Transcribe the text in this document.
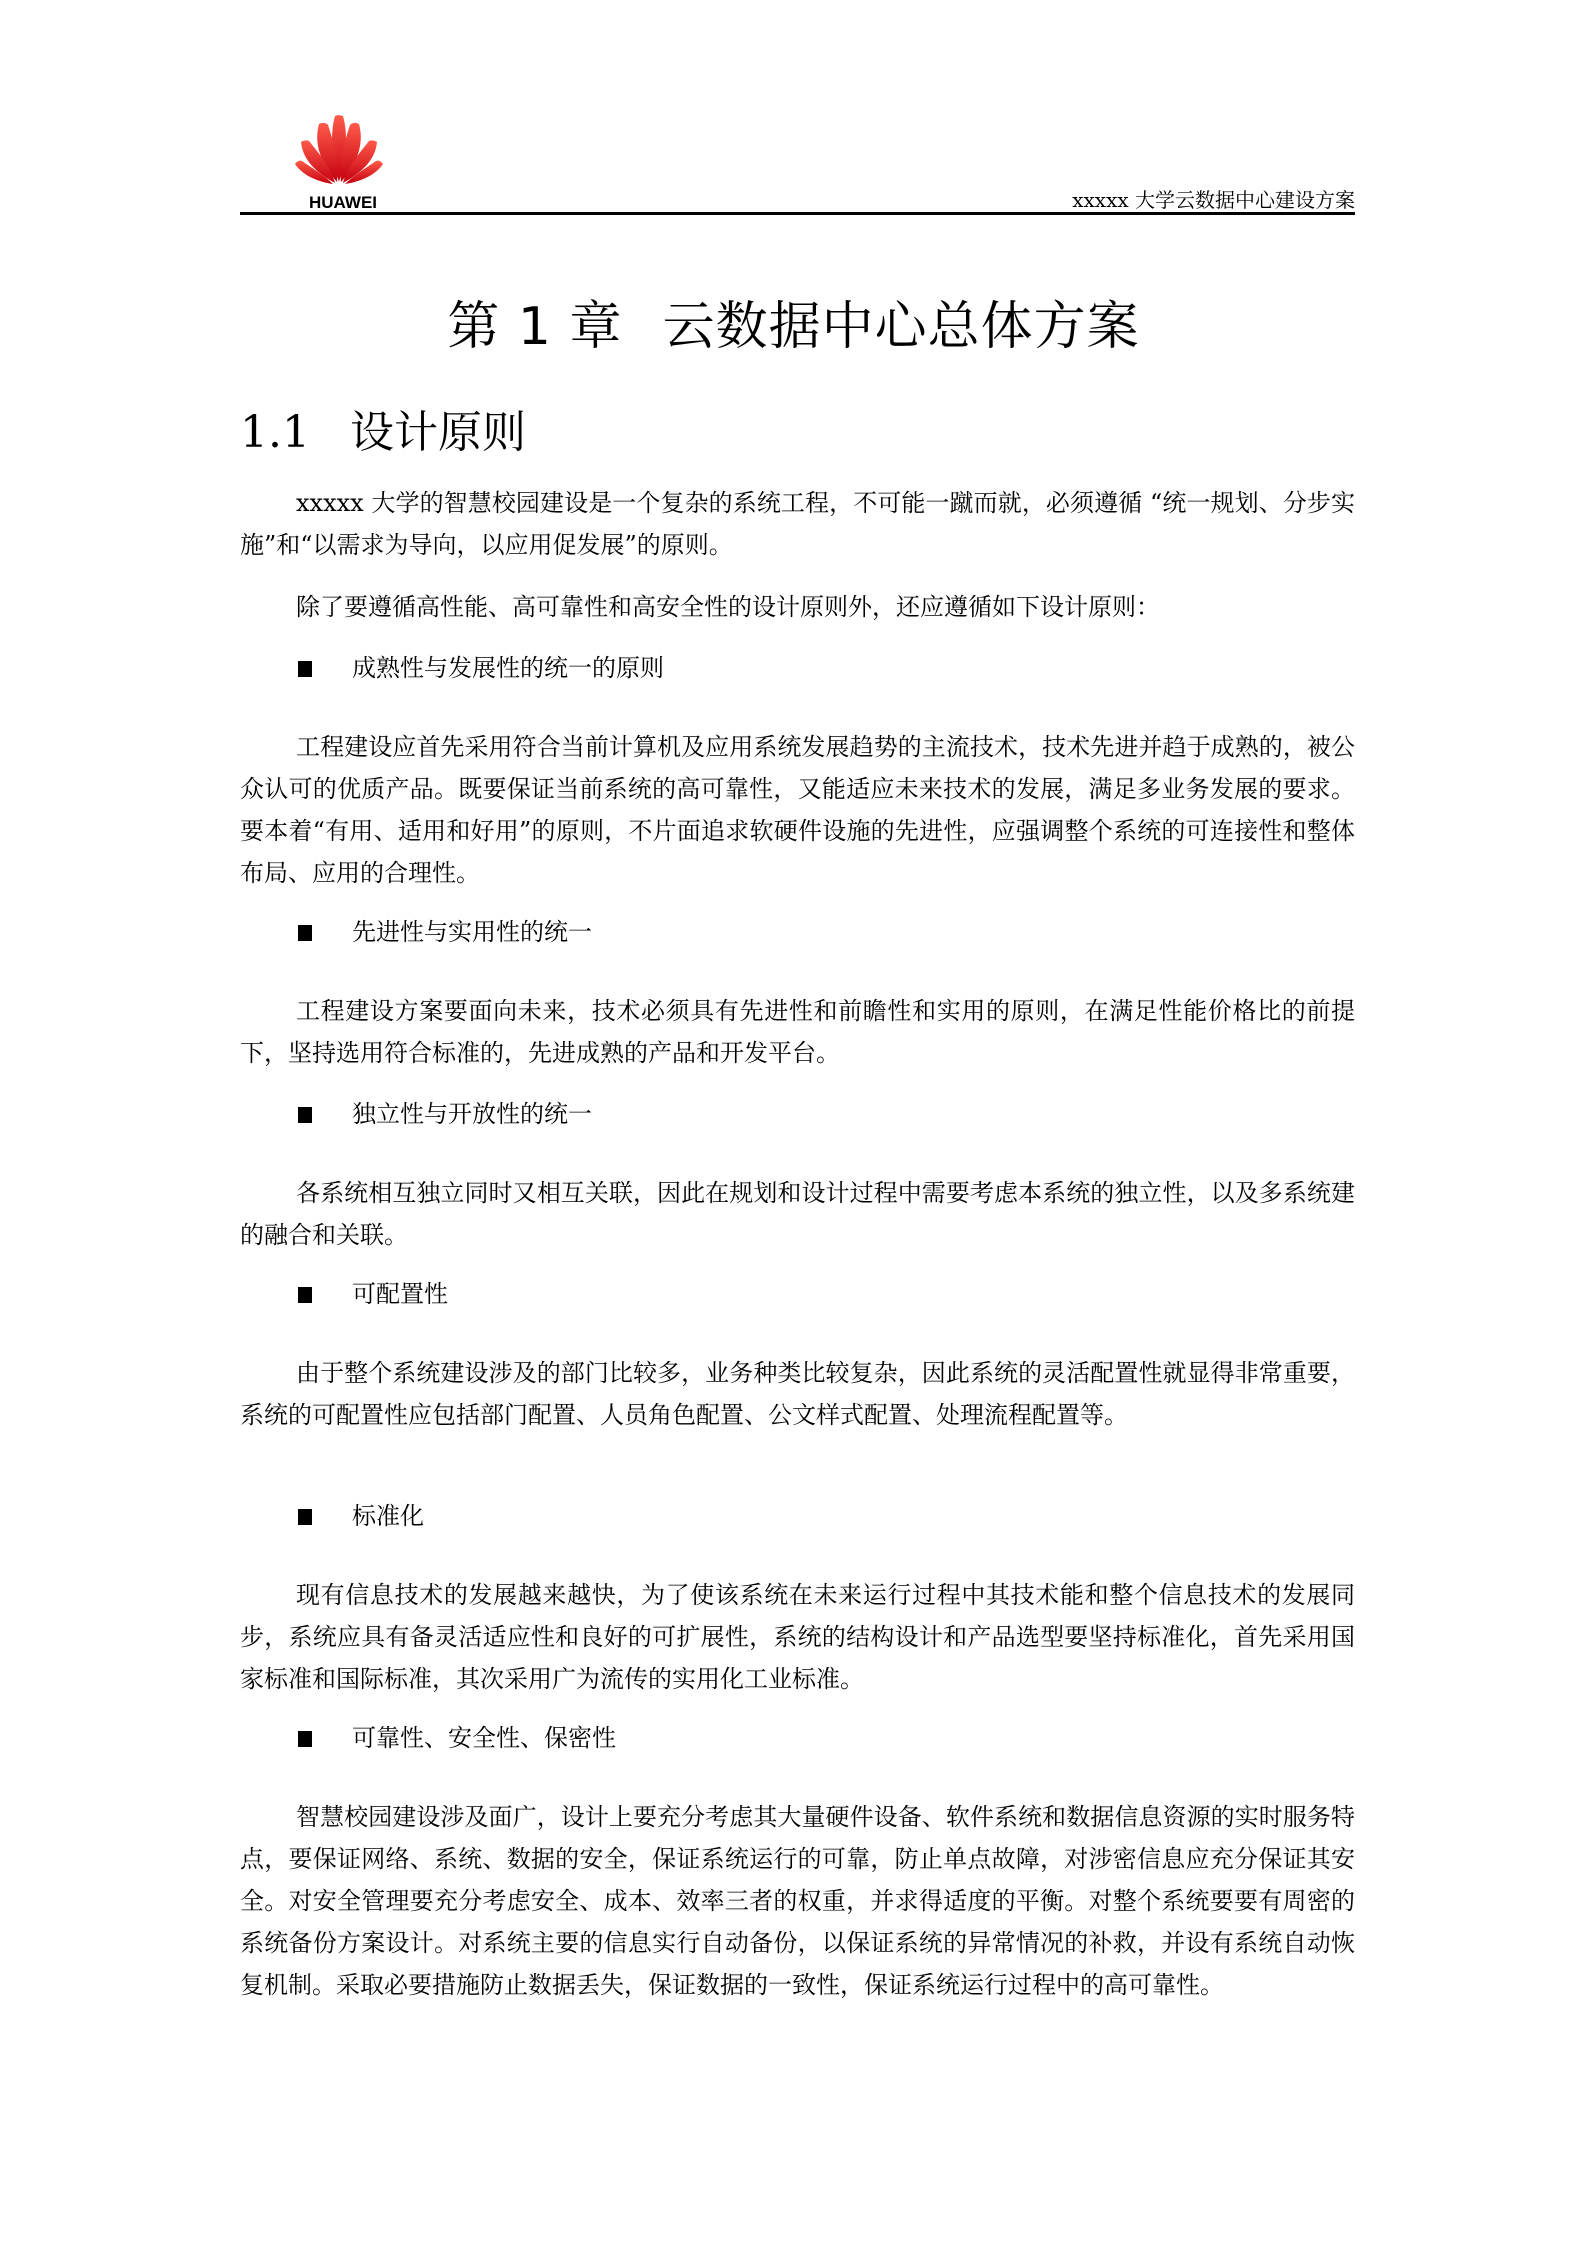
HUAWEI	xxxxx 大学云数据中心建设方案
第 1 章 云数据中心总体方案
1.1 设计原则

xxxxx 大学的智慧校园建设是一个复杂的系统工程，不可能一蹴而就，必须遵循 “统一规划、分步实施”和“以需求为导向，以应用促发展”的原则。

除了要遵循高性能、高可靠性和高安全性的设计原则外，还应遵循如下设计原则：

成熟性与发展性的统一的原则

工程建设应首先采用符合当前计算机及应用系统发展趋势的主流技术，技术先进并趋于成熟的，被公众认可的优质产品。既要保证当前系统的高可靠性，又能适应未来技术的发展，满足多业务发展的要求。要本着“有用、适用和好用”的原则，不片面追求软硬件设施的先进性，应强调整个系统的可连接性和整体布局、应用的合理性。

先进性与实用性的统一

工程建设方案要面向未来，技术必须具有先进性和前瞻性和实用的原则，在满足性能价格比的前提下，坚持选用符合标准的，先进成熟的产品和开发平台。

独立性与开放性的统一

各系统相互独立同时又相互关联，因此在规划和设计过程中需要考虑本系统的独立性，以及多系统建的融合和关联。

可配置性

由于整个系统建设涉及的部门比较多，业务种类比较复杂，因此系统的灵活配置性就显得非常重要，系统的可配置性应包括部门配置、人员角色配置、公文样式配置、处理流程配置等。

标准化

现有信息技术的发展越来越快，为了使该系统在未来运行过程中其技术能和整个信息技术的发展同步，系统应具有备灵活适应性和良好的可扩展性，系统的结构设计和产品选型要坚持标准化，首先采用国家标准和国际标准，其次采用广为流传的实用化工业标准。

可靠性、安全性、保密性

智慧校园建设涉及面广，设计上要充分考虑其大量硬件设备、软件系统和数据信息资源的实时服务特点，要保证网络、系统、数据的安全，保证系统运行的可靠，防止单点故障，对涉密信息应充分保证其安全。对安全管理要充分考虑安全、成本、效率三者的权重，并求得适度的平衡。对整个系统要要有周密的系统备份方案设计。对系统主要的信息实行自动备份，以保证系统的异常情况的补救，并设有系统自动恢复机制。采取必要措施防止数据丢失，保证数据的一致性，保证系统运行过程中的高可靠性。
